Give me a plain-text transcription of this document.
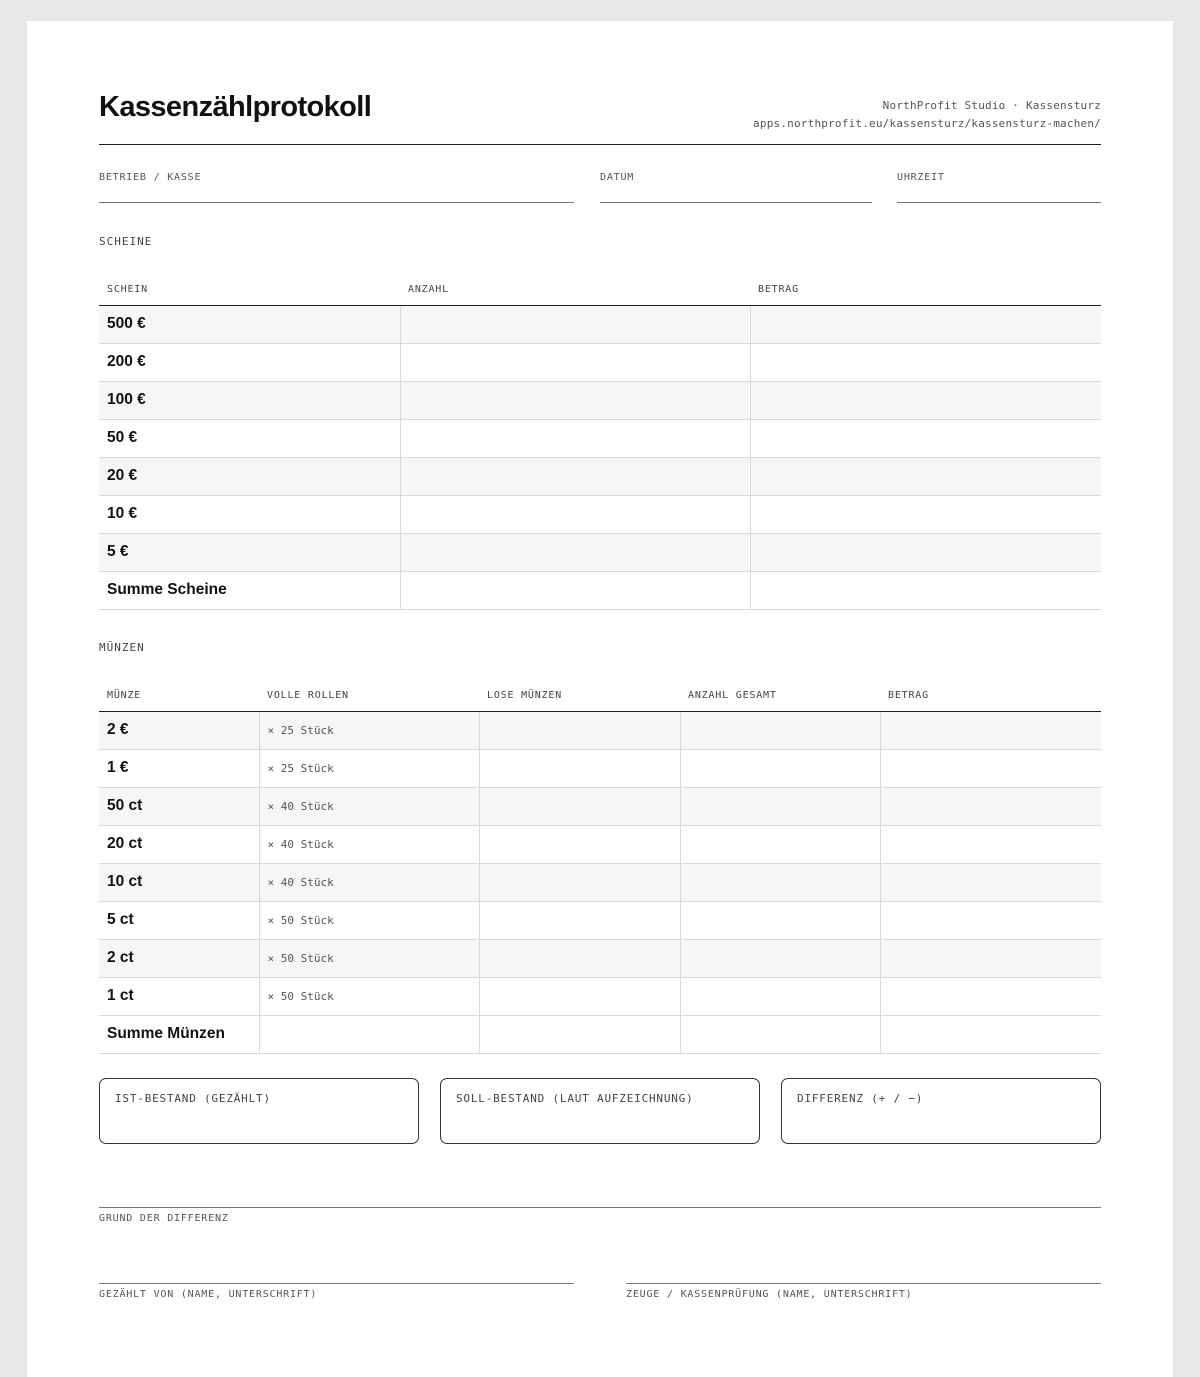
Kassenzählprotokoll	NorthProfit Studio · Kassensturz
apps.northprofit.eu/kassensturz/kassensturz-machen/
BETRIEB / KASSE	DATUM	UHRZEIT
SCHEINE
SCHEIN	ANZAHL	BETRAG
500 €		
200 €		
100 €		
50 €		
20 €		
10 €		
5 €		
Summe Scheine		
MÜNZEN
MÜNZE	VOLLE ROLLEN	LOSE MÜNZEN	ANZAHL GESAMT	BETRAG
2 €	× 25 Stück			
1 €	× 25 Stück			
50 ct	× 40 Stück			
20 ct	× 40 Stück			
10 ct	× 40 Stück			
5 ct	× 50 Stück			
2 ct	× 50 Stück			
1 ct	× 50 Stück			
Summe Münzen				
IST-BESTAND (GEZÄHLT)	SOLL-BESTAND (LAUT AUFZEICHNUNG)	DIFFERENZ (+ / −)
GRUND DER DIFFERENZ
GEZÄHLT VON (NAME, UNTERSCHRIFT)	ZEUGE / KASSENPRÜFUNG (NAME, UNTERSCHRIFT)
